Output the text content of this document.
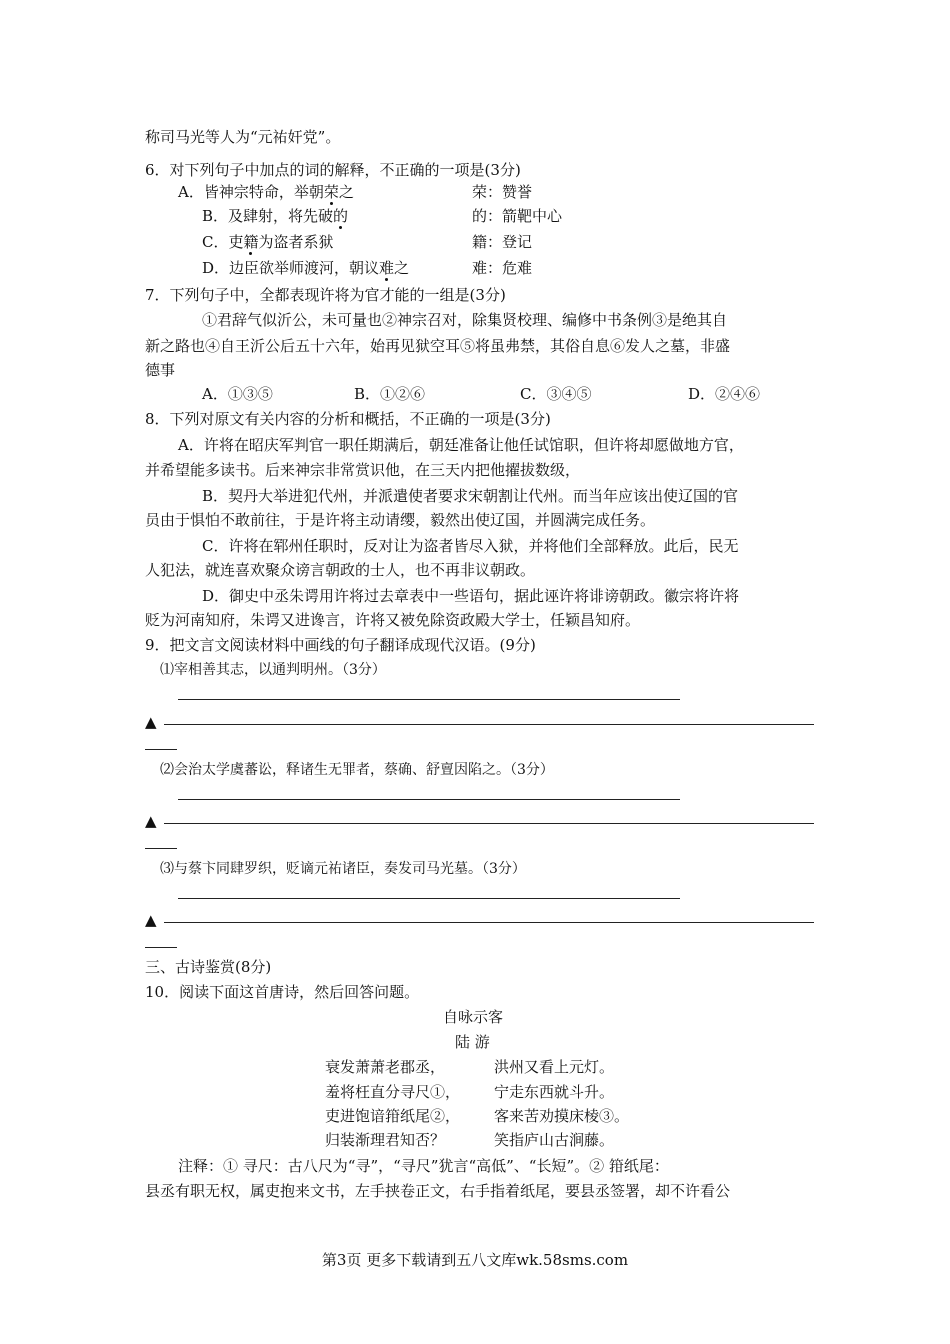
称司马光等人为“元祐奸党”。
6．对下列句子中加点的词的解释，不正确的一项是(3分)
A．皆神宗特命，举朝荣之	荣：赞誉
B．及肆射，将先破的	的：箭靶中心
C．吏籍为盗者系狱	籍：登记
D．边臣欲举师渡河，朝议难之	难：危难
7．下列句子中，全都表现许将为官才能的一组是(3分)
①君辞气似沂公，未可量也②神宗召对，除集贤校理、编修中书条例③是绝其自
新之路也④自王沂公后五十六年，始再见狱空耳⑤将虽弗禁，其俗自息⑥发人之墓，非盛
德事
A．①③⑤	B．①②⑥	C．③④⑤	D．②④⑥
8．下列对原文有关内容的分析和概括，不正确的一项是(3分)
A．许将在昭庆军判官一职任期满后，朝廷准备让他任试馆职，但许将却愿做地方官，
并希望能多读书。后来神宗非常赏识他，在三天内把他擢拔数级，
B．契丹大举进犯代州，并派遣使者要求宋朝割让代州。而当年应该出使辽国的官
员由于惧怕不敢前往，于是许将主动请缨，毅然出使辽国，并圆满完成任务。
C．许将在郓州任职时，反对让为盗者皆尽入狱，并将他们全部释放。此后，民无
人犯法，就连喜欢聚众谤言朝政的士人，也不再非议朝政。
D．御史中丞朱谔用许将过去章表中一些语句，据此诬许将诽谤朝政。徽宗将许将
贬为河南知府，朱谔又进谗言，许将又被免除资政殿大学士，任颖昌知府。
9．把文言文阅读材料中画线的句子翻译成现代汉语。(9分)
⑴宰相善其志，以通判明州。（3分）
▲
⑵会治太学虞蕃讼，释诸生无罪者，蔡确、舒亶因陷之。（3分）
▲
⑶与蔡卞同肆罗织，贬谪元祐诸臣，奏发司马光墓。（3分）
▲
三、古诗鉴赏(8分)
10．阅读下面这首唐诗，然后回答问题。
自咏示客
陆 游
衰发萧萧老郡丞，	洪州又看上元灯。
羞将枉直分寻尺①， 宁走东西就斗升。
吏进饱谙箝纸尾②， 客来苦劝摸床棱③。
归装渐理君知否？	笑指庐山古涧藤。
注释：① 寻尺：古八尺为“寻”，“寻尺”犹言“高低”、“长短”。② 箝纸尾：
县丞有职无权，属吏抱来文书，左手挟卷正文，右手指着纸尾，要县丞签署，却不许看公
第3页 更多下载请到五八文库wk.58sms.com
